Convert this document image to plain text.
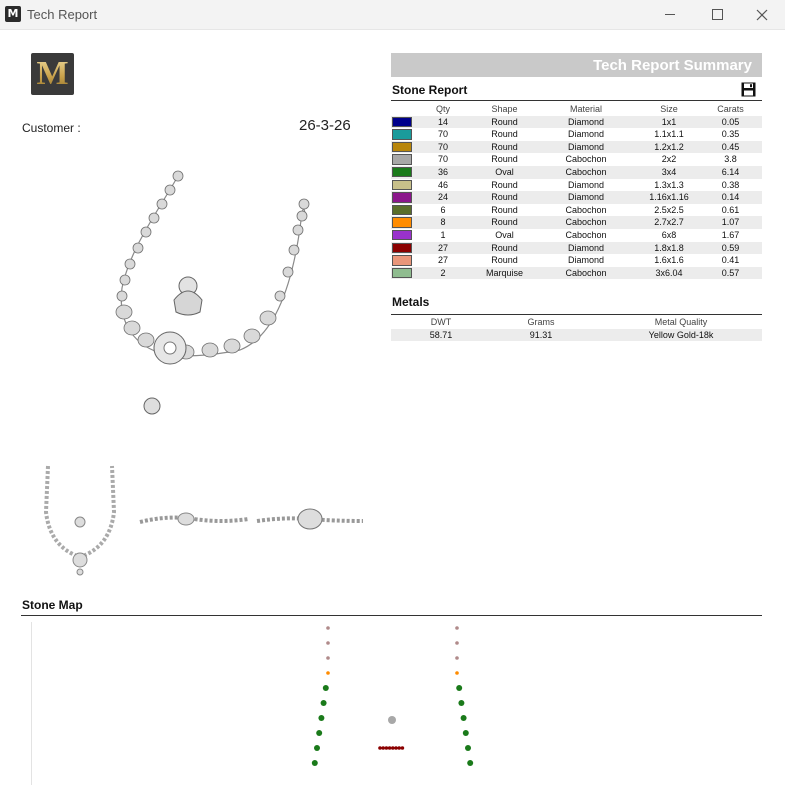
M Tech Report
M
Customer :	26-3-26
Tech Report Summary
Stone Report
Qty	Shape	Material	Size	Carats
14	Round	Diamond	1x1	0.05
70	Round	Diamond	1.1x1.1	0.35
70	Round	Diamond	1.2x1.2	0.45
70	Round	Cabochon	2x2	3.8
36	Oval	Cabochon	3x4	6.14
46	Round	Diamond	1.3x1.3	0.38
24	Round	Diamond	1.16x1.16	0.14
6	Round	Cabochon	2.5x2.5	0.61
8	Round	Cabochon	2.7x2.7	1.07
1	Oval	Cabochon	6x8	1.67
27	Round	Diamond	1.8x1.8	0.59
27	Round	Diamond	1.6x1.6	0.41
2	Marquise	Cabochon	3x6.04	0.57
Metals
DWT	Grams	Metal Quality
58.71	91.31	Yellow Gold-18k
Stone Map
